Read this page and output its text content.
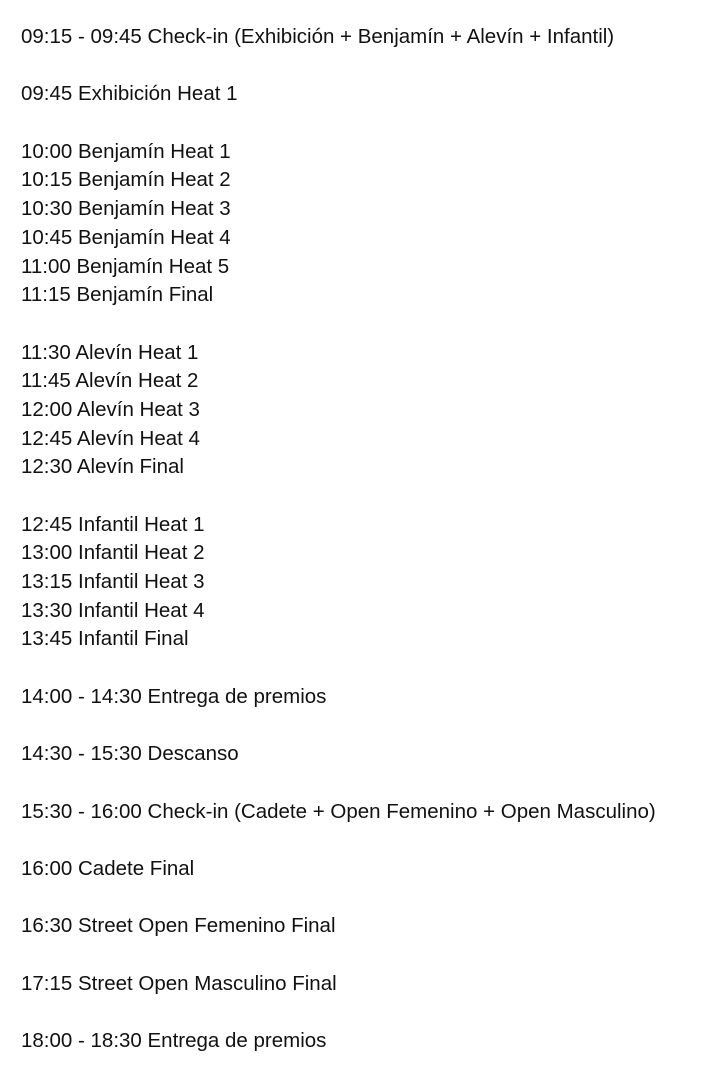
09:15 - 09:45 Check-in (Exhibición + Benjamín + Alevín + Infantil)
09:45 Exhibición Heat 1
10:00 Benjamín Heat 1
10:15 Benjamín Heat 2
10:30 Benjamín Heat 3
10:45 Benjamín Heat 4
11:00 Benjamín Heat 5
11:15 Benjamín Final
11:30 Alevín Heat 1
11:45 Alevín Heat 2
12:00 Alevín Heat 3
12:45 Alevín Heat 4
12:30 Alevín Final
12:45 Infantil Heat 1
13:00 Infantil Heat 2
13:15 Infantil Heat 3
13:30 Infantil Heat 4
13:45 Infantil Final
14:00 - 14:30 Entrega de premios
14:30 - 15:30 Descanso
15:30 - 16:00 Check-in (Cadete + Open Femenino + Open Masculino)
16:00 Cadete Final
16:30 Street Open Femenino Final
17:15 Street Open Masculino Final
18:00 - 18:30 Entrega de premios
